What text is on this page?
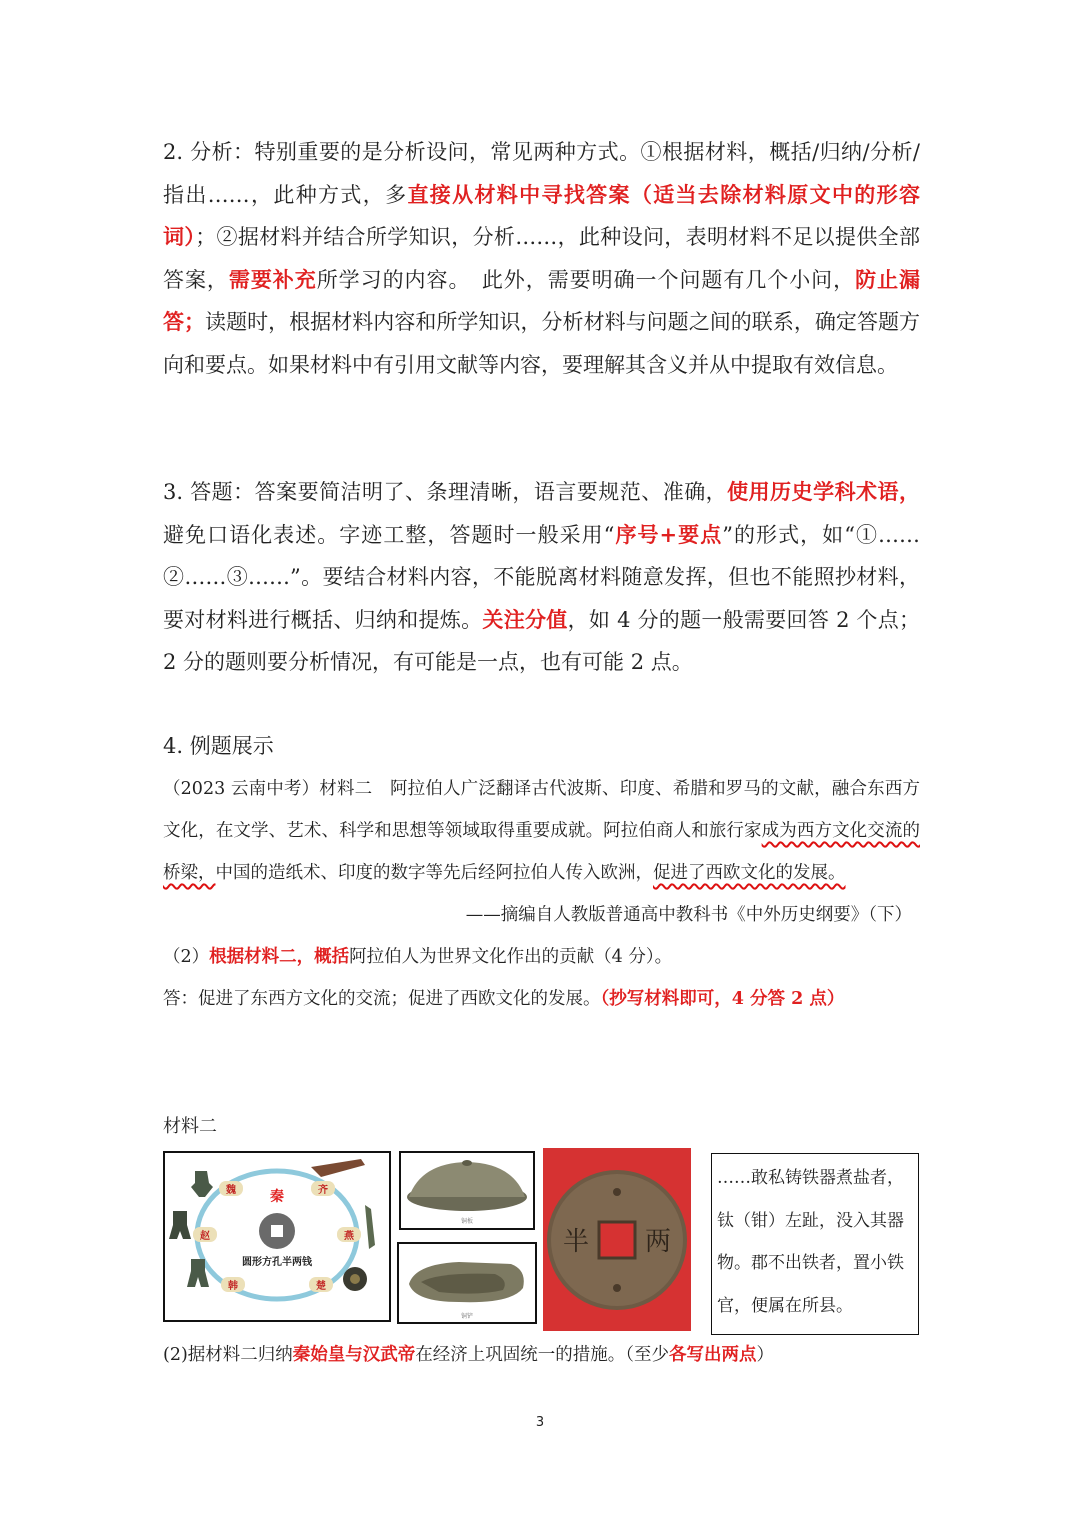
2. 分析：特别重要的是分析设问，常见两种方式。①根据材料，概括/归纳/分析/指出……，此种方式，多直接从材料中寻找答案（适当去除材料原文中的形容词）；②据材料并结合所学知识，分析……，此种设问，表明材料不足以提供全部答案，需要补充所学习的内容。　此外，需要明确一个问题有几个小问，防止漏答；读题时，根据材料内容和所学知识，分析材料与问题之间的联系，确定答题方向和要点。如果材料中有引用文献等内容，要理解其含义并从中提取有效信息。

3. 答题：答案要简洁明了、条理清晰，语言要规范、准确，使用历史学科术语，避免口语化表述。字迹工整，答题时一般采用“序号+要点”的形式，如“①……②……③……”。要结合材料内容，不能脱离材料随意发挥，但也不能照抄材料，要对材料进行概括、归纳和提炼。关注分值，如 4 分的题一般需要回答 2 个点；2 分的题则要分析情况，有可能是一点，也有可能 2 点。

4. 例题展示

（2023 云南中考）材料二　阿拉伯人广泛翻译古代波斯、印度、希腊和罗马的文献，融合东西方文化，在文学、艺术、科学和思想等领域取得重要成就。阿拉伯商人和旅行家成为西方文化交流的桥梁，中国的造纸术、印度的数字等先后经阿拉伯人传入欧洲，促进了西欧文化的发展。

——摘编自人教版普通高中教科书《中外历史纲要》（下）

（2）根据材料二，概括阿拉伯人为世界文化作出的贡献（4 分）。

答：促进了东西方文化的交流；促进了西欧文化的发展。（抄写材料即可，4 分答 2 点）

材料二
秦
圆形方孔半两钱
魏	齐
赵	燕
韩	楚
铜板
铜铲
半 两
……敢私铸铁器煮盐者，钛（钳）左趾，没入其器物。郡不出铁者，置小铁官，便属在所县。
(2)据材料二归纳秦始皇与汉武帝在经济上巩固统一的措施。（至少各写出两点）
3
